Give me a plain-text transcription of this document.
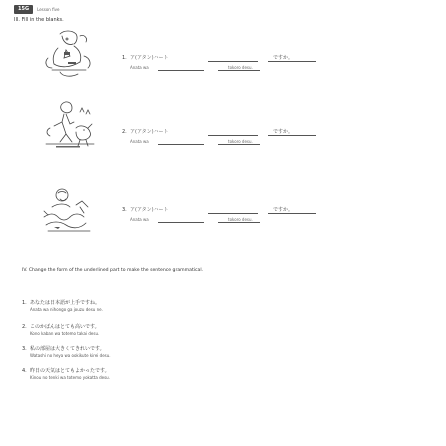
15G	Lesson five
III. Fill in the blanks.
1. ア(アタン)ハート	ですか。
Anata wa	tokoro desu.
2. ア(アタン)ハート	ですか。
Anata wa	tokoro desu.
3. ア(アタン)ハート	ですか。
Anata wa	tokoro desu.
IV. Change the form of the underlined part to make the sentence grammatical.
1. あなたは日本語が上手ですね。
Anata wa nihongo ga jouzu desu ne.
2. このかばんはとても高いです。
Kono kaban wa totemo takai desu.
3. 私の部屋は大きくてきれいです。
Watashi no heya wa ookikute kirei desu.
4. 昨日の天気はとてもよかったです。
Kinou no tenki wa totemo yokatta desu.
